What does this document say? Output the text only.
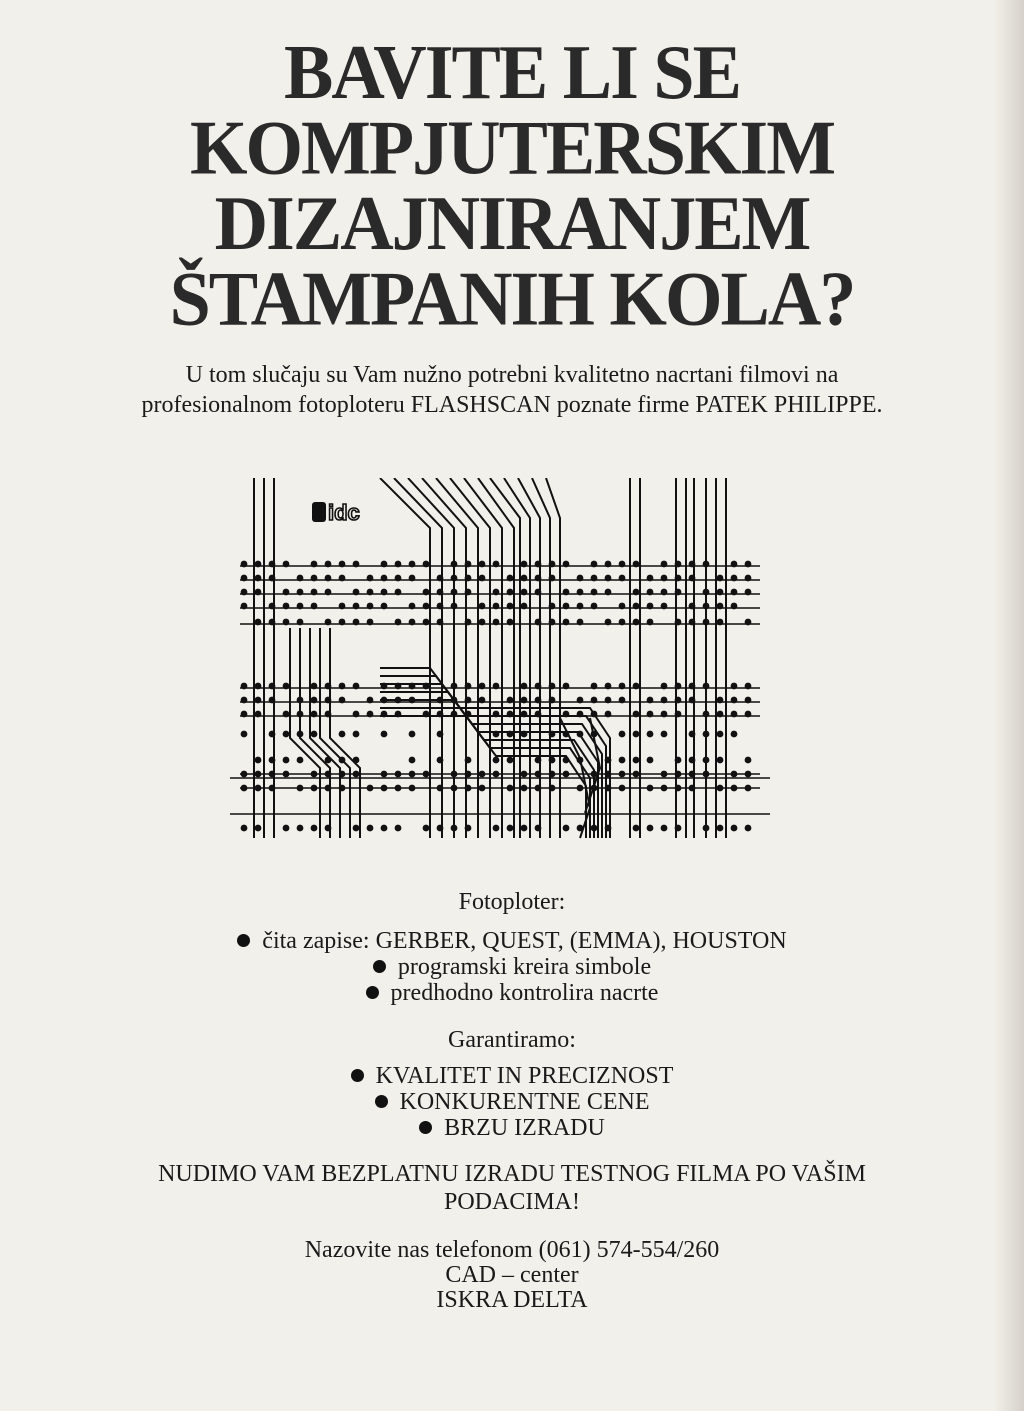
BAVITE LI SE
KOMPJUTERSKIM
DIZAJNIRANJEM
ŠTAMPANIH KOLA?
U tom slučaju su Vam nužno potrebni kvalitetno nacrtani filmovi na
profesionalnom fotoploteru FLASHSCAN poznate firme PATEK PHILIPPE.
idc
Fotoploter:
čita zapise: GERBER, QUEST, (EMMA), HOUSTON
programski kreira simbole
predhodno kontrolira nacrte
Garantiramo:
KVALITET IN PRECIZNOST
KONKURENTNE CENE
BRZU IZRADU
NUDIMO VAM BEZPLATNU IZRADU TESTNOG FILMA PO VAŠIM
PODACIMA!
Nazovite nas telefonom (061) 574-554/260
CAD – center
ISKRA DELTA
